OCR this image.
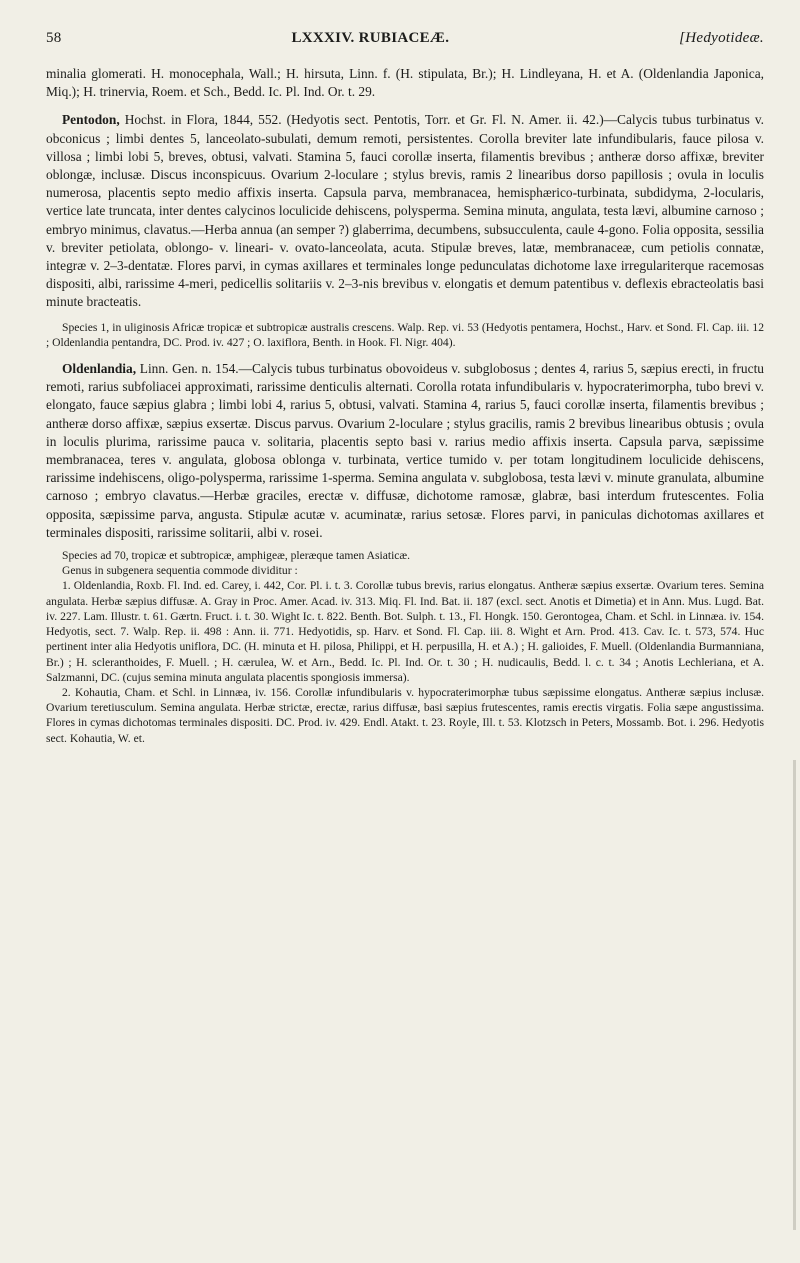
58	LXXXIV. RUBIACEÆ.	[Hedyotideæ.

minalia glomerati. H. monocephala, Wall.; H. hirsuta, Linn. f. (H. stipulata, Br.); H. Lindleyana, H. et A. (Oldenlandia Japonica, Miq.); H. trinervia, Roem. et Sch., Bedd. Ic. Pl. Ind. Or. t. 29.

Pentodon, Hochst. in Flora, 1844, 552. (Hedyotis sect. Pentotis, Torr. et Gr. Fl. N. Amer. ii. 42.)—Calycis tubus turbinatus v. obconicus ; limbi dentes 5, lanceolato-subulati, demum remoti, persistentes. Corolla breviter late infundibularis, fauce pilosa v. villosa ; limbi lobi 5, breves, obtusi, valvati. Stamina 5, fauci corollæ inserta, filamentis brevibus ; antheræ dorso affixæ, breviter oblongæ, inclusæ. Discus inconspicuus. Ovarium 2-loculare ; stylus brevis, ramis 2 linearibus dorso papillosis ; ovula in loculis numerosa, placentis septo medio affixis inserta. Capsula parva, membranacea, hemisphærico-turbinata, subdidyma, 2-locularis, vertice late truncata, inter dentes calycinos loculicide dehiscens, polysperma. Semina minuta, angulata, testa lævi, albumine carnoso ; embryo minimus, clavatus.—Herba annua (an semper ?) glaberrima, decumbens, subsucculenta, caule 4-gono. Folia opposita, sessilia v. breviter petiolata, oblongo- v. lineari- v. ovato-lanceolata, acuta. Stipulæ breves, latæ, membranaceæ, cum petiolis connatæ, integræ v. 2–3-dentatæ. Flores parvi, in cymas axillares et terminales longe pedunculatas dichotome laxe irregulariterque racemosas dispositi, albi, rarissime 4-meri, pedicellis solitariis v. 2–3-nis brevibus v. elongatis et demum patentibus v. deflexis ebracteolatis basi minute bracteatis.

Species 1, in uliginosis Africæ tropicæ et subtropicæ australis crescens. Walp. Rep. vi. 53 (Hedyotis pentamera, Hochst., Harv. et Sond. Fl. Cap. iii. 12 ; Oldenlandia pentandra, DC. Prod. iv. 427 ; O. laxiflora, Benth. in Hook. Fl. Nigr. 404).

Oldenlandia, Linn. Gen. n. 154.—Calycis tubus turbinatus obovoideus v. subglobosus ; dentes 4, rarius 5, sæpius erecti, in fructu remoti, rarius subfoliacei approximati, rarissime denticulis alternati. Corolla rotata infundibularis v. hypocraterimorpha, tubo brevi v. elongato, fauce sæpius glabra ; limbi lobi 4, rarius 5, obtusi, valvati. Stamina 4, rarius 5, fauci corollæ inserta, filamentis brevibus ; antheræ dorso affixæ, sæpius exsertæ. Discus parvus. Ovarium 2-loculare ; stylus gracilis, ramis 2 brevibus linearibus obtusis ; ovula in loculis plurima, rarissime pauca v. solitaria, placentis septo basi v. rarius medio affixis inserta. Capsula parva, sæpissime membranacea, teres v. angulata, globosa oblonga v. turbinata, vertice tumido v. per totam longitudinem loculicide dehiscens, rarissime indehiscens, oligo-polysperma, rarissime 1-sperma. Semina angulata v. subglobosa, testa lævi v. minute granulata, albumine carnoso ; embryo clavatus.—Herbæ graciles, erectæ v. diffusæ, dichotome ramosæ, glabræ, basi interdum frutescentes. Folia opposita, sæpissime parva, angusta. Stipulæ acutæ v. acuminatæ, rarius setosæ. Flores parvi, in paniculas dichotomas axillares et terminales dispositi, rarissime solitarii, albi v. rosei.

Species ad 70, tropicæ et subtropicæ, amphigeæ, pleræque tamen Asiaticæ.

Genus in subgenera sequentia commode dividitur :

1. Oldenlandia, Roxb. Fl. Ind. ed. Carey, i. 442, Cor. Pl. i. t. 3. Corollæ tubus brevis, rarius elongatus. Antheræ sæpius exsertæ. Ovarium teres. Semina angulata. Herbæ sæpius diffusæ. A. Gray in Proc. Amer. Acad. iv. 313. Miq. Fl. Ind. Bat. ii. 187 (excl. sect. Anotis et Dimetia) et in Ann. Mus. Lugd. Bat. iv. 227. Lam. Illustr. t. 61. Gærtn. Fruct. i. t. 30. Wight Ic. t. 822. Benth. Bot. Sulph. t. 13., Fl. Hongk. 150. Gerontogea, Cham. et Schl. in Linnæa. iv. 154. Hedyotis, sect. 7. Walp. Rep. ii. 498 : Ann. ii. 771. Hedyotidis, sp. Harv. et Sond. Fl. Cap. iii. 8. Wight et Arn. Prod. 413. Cav. Ic. t. 573, 574. Huc pertinent inter alia Hedyotis uniflora, DC. (H. minuta et H. pilosa, Philippi, et H. perpusilla, H. et A.) ; H. galioides, F. Muell. (Oldenlandia Burmanniana, Br.) ; H. scleranthoides, F. Muell. ; H. cærulea, W. et Arn., Bedd. Ic. Pl. Ind. Or. t. 30 ; H. nudicaulis, Bedd. l. c. t. 34 ; Anotis Lechleriana, et A. Salzmanni, DC. (cujus semina minuta angulata placentis spongiosis immersa).

2. Kohautia, Cham. et Schl. in Linnæa, iv. 156. Corollæ infundibularis v. hypocraterimorphæ tubus sæpissime elongatus. Antheræ sæpius inclusæ. Ovarium teretiusculum. Semina angulata. Herbæ strictæ, erectæ, rarius diffusæ, basi sæpius frutescentes, ramis erectis virgatis. Folia sæpe angustissima. Flores in cymas dichotomas terminales dispositi. DC. Prod. iv. 429. Endl. Atakt. t. 23. Royle, Ill. t. 53. Klotzsch in Peters, Mossamb. Bot. i. 296. Hedyotis sect. Kohautia, W. et.
